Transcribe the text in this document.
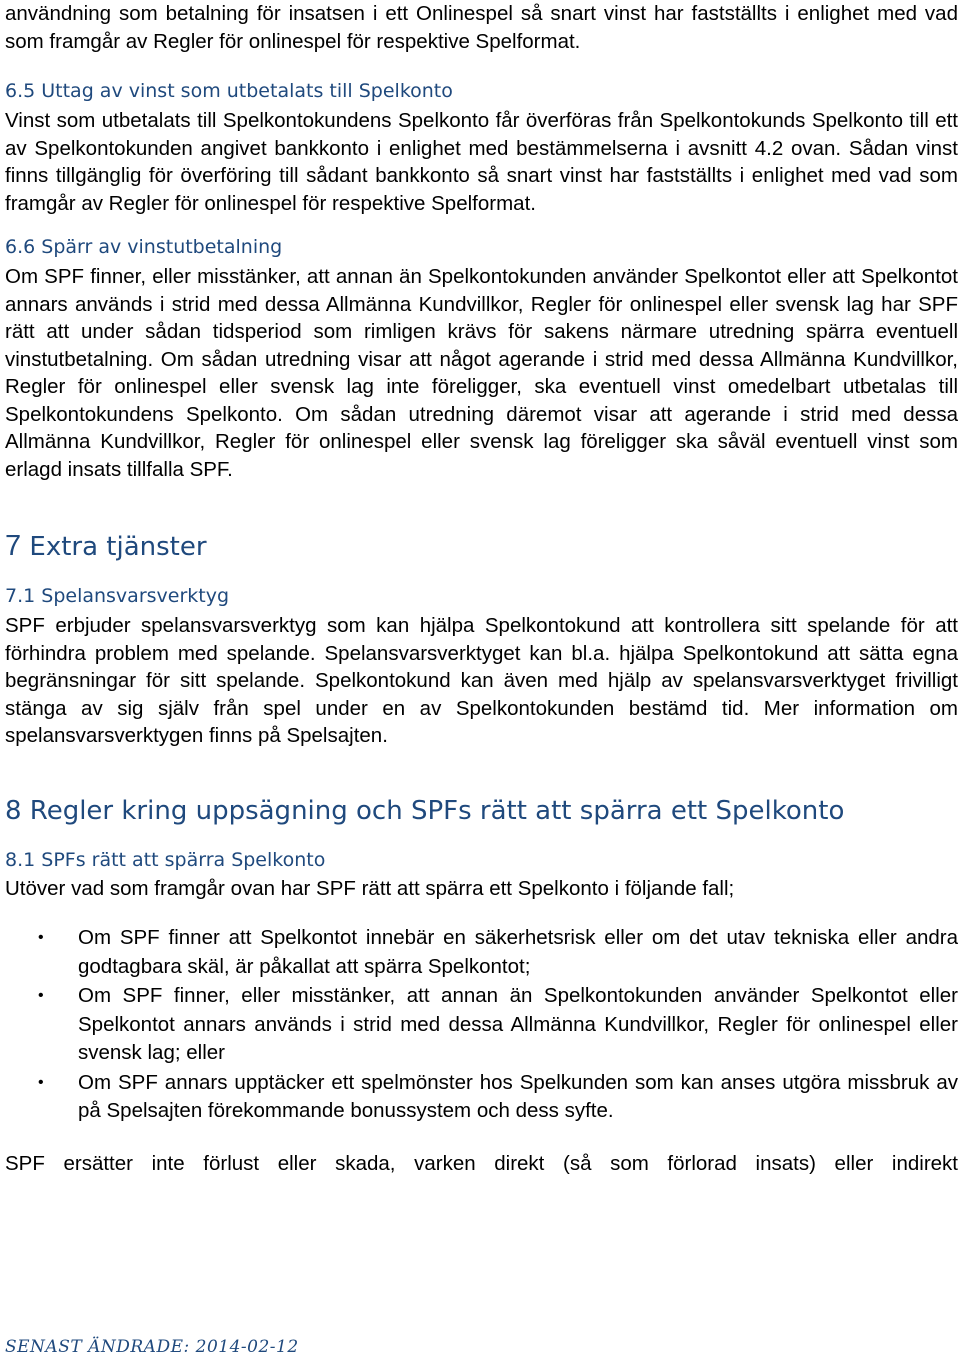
användning som betalning för insatsen i ett Onlinespel så snart vinst har fastställts i enlighet med vad som framgår av Regler för onlinespel för respektive Spelformat.

6.5 Uttag av vinst som utbetalats till Spelkonto

Vinst som utbetalats till Spelkontokundens Spelkonto får överföras från Spelkontokunds Spelkonto till ett av Spelkontokunden angivet bankkonto i enlighet med bestämmelserna i avsnitt 4.2 ovan. Sådan vinst finns tillgänglig för överföring till sådant bankkonto så snart vinst har fastställts i enlighet med vad som framgår av Regler för onlinespel för respektive Spelformat.

6.6 Spärr av vinstutbetalning

Om SPF finner, eller misstänker, att annan än Spelkontokunden använder Spelkontot eller att Spelkontot annars används i strid med dessa Allmänna Kundvillkor, Regler för onlinespel eller svensk lag har SPF rätt att under sådan tidsperiod som rimligen krävs för sakens närmare utredning spärra eventuell vinstutbetalning. Om sådan utredning visar att något agerande i strid med dessa Allmänna Kundvillkor, Regler för onlinespel eller svensk lag inte föreligger, ska eventuell vinst omedelbart utbetalas till Spelkontokundens Spelkonto. Om sådan utredning däremot visar att agerande i strid med dessa Allmänna Kundvillkor, Regler för onlinespel eller svensk lag föreligger ska såväl eventuell vinst som erlagd insats tillfalla SPF.

7 Extra tjänster
7.1 Spelansvarsverktyg

SPF erbjuder spelansvarsverktyg som kan hjälpa Spelkontokund att kontrollera sitt spelande för att förhindra problem med spelande. Spelansvarsverktyget kan bl.a. hjälpa Spelkontokund att sätta egna begränsningar för sitt spelande. Spelkontokund kan även med hjälp av spelansvarsverktyget frivilligt stänga av sig själv från spel under en av Spelkontokunden bestämd tid. Mer information om spelansvarsverktygen finns på Spelsajten.

8 Regler kring uppsägning och SPFs rätt att spärra ett Spelkonto
8.1 SPFs rätt att spärra Spelkonto

Utöver vad som framgår ovan har SPF rätt att spärra ett Spelkonto i följande fall;

• Om SPF finner att Spelkontot innebär en säkerhetsrisk eller om det utav tekniska eller andra godtagbara skäl, är påkallat att spärra Spelkontot;
• Om SPF finner, eller misstänker, att annan än Spelkontokunden använder Spelkontot eller Spelkontot annars används i strid med dessa Allmänna Kundvillkor, Regler för onlinespel eller svensk lag; eller
• Om SPF annars upptäcker ett spelmönster hos Spelkunden som kan anses utgöra missbruk av på Spelsajten förekommande bonussystem och dess syfte.

SPF ersätter inte förlust eller skada, varken direkt (så som förlorad insats) eller indirekt

SENAST ÄNDRADE: 2014-02-12
